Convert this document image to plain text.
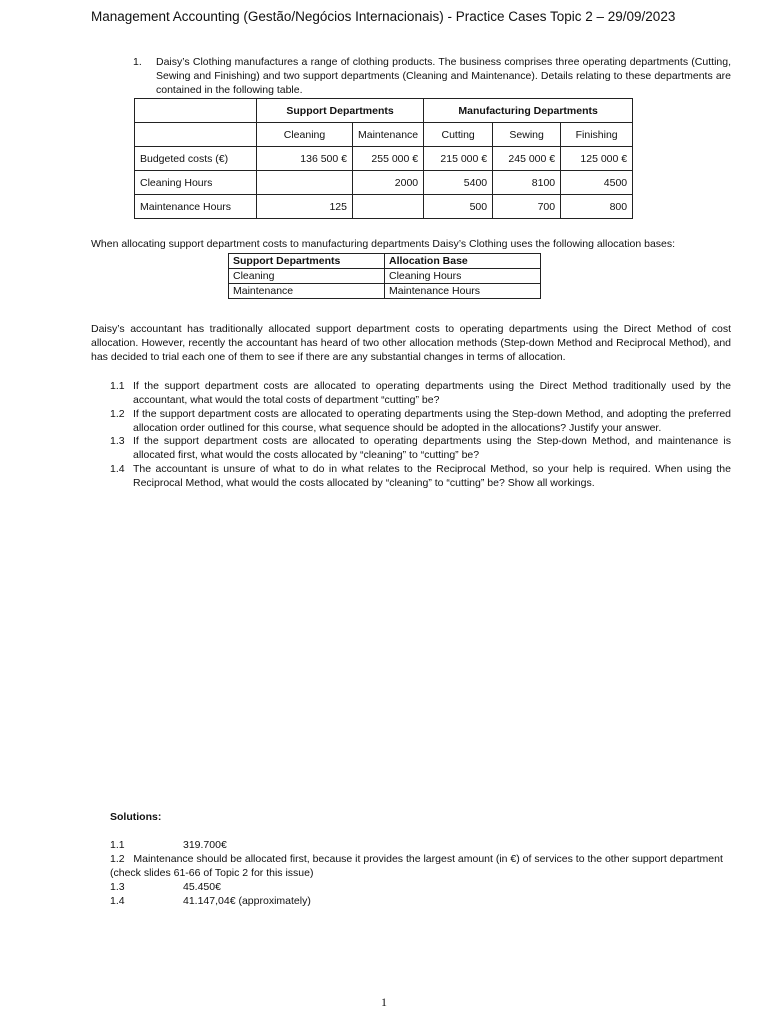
Management Accounting (Gestão/Negócios Internacionais) - Practice Cases Topic 2 – 29/09/2023
1. Daisy’s Clothing manufactures a range of clothing products. The business comprises three operating departments (Cutting, Sewing and Finishing) and two support departments (Cleaning and Maintenance). Details relating to these departments are contained in the following table.
	Support Departments		Manufacturing Departments		
	Cleaning	Maintenance	Cutting	Sewing	Finishing
Budgeted costs (€)	136 500 €	255 000 €	215 000 €	245 000 €	125 000 €
Cleaning Hours		2000	5400	8100	4500
Maintenance Hours	125		500	700	800
When allocating support department costs to manufacturing departments Daisy’s Clothing uses the following allocation bases:
Support Departments	Allocation Base
Cleaning	Cleaning Hours
Maintenance	Maintenance Hours
Daisy’s accountant has traditionally allocated support department costs to operating departments using the Direct Method of cost allocation. However, recently the accountant has heard of two other allocation methods (Step-down Method and Reciprocal Method), and has decided to trial each one of them to see if there are any substantial changes in terms of allocation.
1.1 If the support department costs are allocated to operating departments using the Direct Method traditionally used by the accountant, what would the total costs of department “cutting” be?
1.2 If the support department costs are allocated to operating departments using the Step-down Method, and adopting the preferred allocation order outlined for this course, what sequence should be adopted in the allocations? Justify your answer.
1.3 If the support department costs are allocated to operating departments using the Step-down Method, and maintenance is allocated first, what would the costs allocated by “cleaning” to “cutting” be?
1.4 The accountant is unsure of what to do in what relates to the Reciprocal Method, so your help is required. When using the Reciprocal Method, what would the costs allocated by “cleaning” to “cutting” be? Show all workings.
Solutions:
1.1	319.700€
1.2 Maintenance should be allocated first, because it provides the largest amount (in €) of services to the other support department (check slides 61-66 of Topic 2 for this issue)
1.3	45.450€
1.4	41.147,04€ (approximately)
1
